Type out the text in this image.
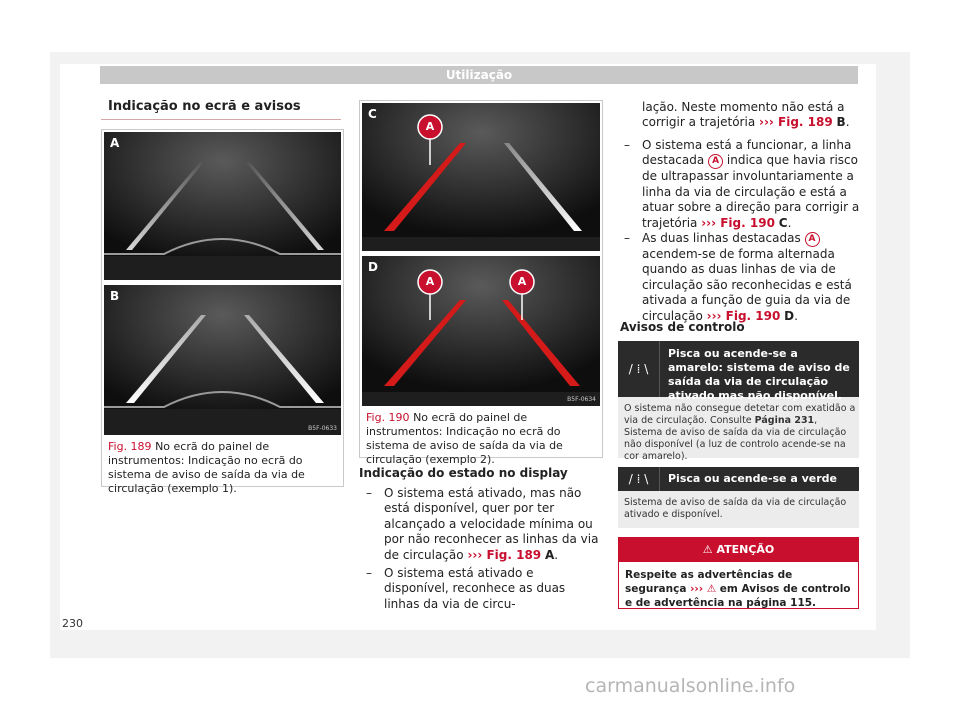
Utilização
Indicação no ecrã e avisos
A
B
B5F-0633
Fig. 189 No ecrã do painel de instrumentos: Indicação no ecrã do sistema de aviso de saída da via de circulação (exemplo 1).
C
A
D
A	A
B5F-0634
Fig. 190 No ecrã do painel de instrumentos: Indicação no ecrã do sistema de aviso de saída da via de circulação (exemplo 2).
Indicação do estado no display
– O sistema está ativado, mas não está disponível, quer por ter alcançado a velocidade mínima ou por não reconhecer as linhas da via de circulação ››› Fig. 189 A.
– O sistema está ativado e disponível, reconhece as duas linhas da via de circu-
lação. Neste momento não está a corrigir a trajetória ››› Fig. 189 B.
– O sistema está a funcionar, a linha destacada A indica que havia risco de ultrapassar involuntariamente a linha da via de circulação e está a atuar sobre a direção para corrigir a trajetória ››› Fig. 190 C.
– As duas linhas destacadas A acendem-se de forma alternada quando as duas linhas de via de circulação são reconhecidas e está ativada a função de guia da via de circulação ››› Fig. 190 D.
Avisos de controlo
/ ⁞ \
Pisca ou acende-se a amarelo: sistema de aviso de saída da via de circulação ativado mas não disponível.
O sistema não consegue detetar com exatidão a via de circulação. Consulte Página 231, Sistema de aviso de saída da via de circulação não disponível (a luz de controlo acende-se na cor amarelo).
/ ⁞ \	Pisca ou acende-se a verde
Sistema de aviso de saída da via de circulação ativado e disponível.
⚠ ATENÇÃO
Respeite as advertências de segurança ››› ⚠ em Avisos de controlo e de advertência na página 115.
230
carmanualsonline.info
